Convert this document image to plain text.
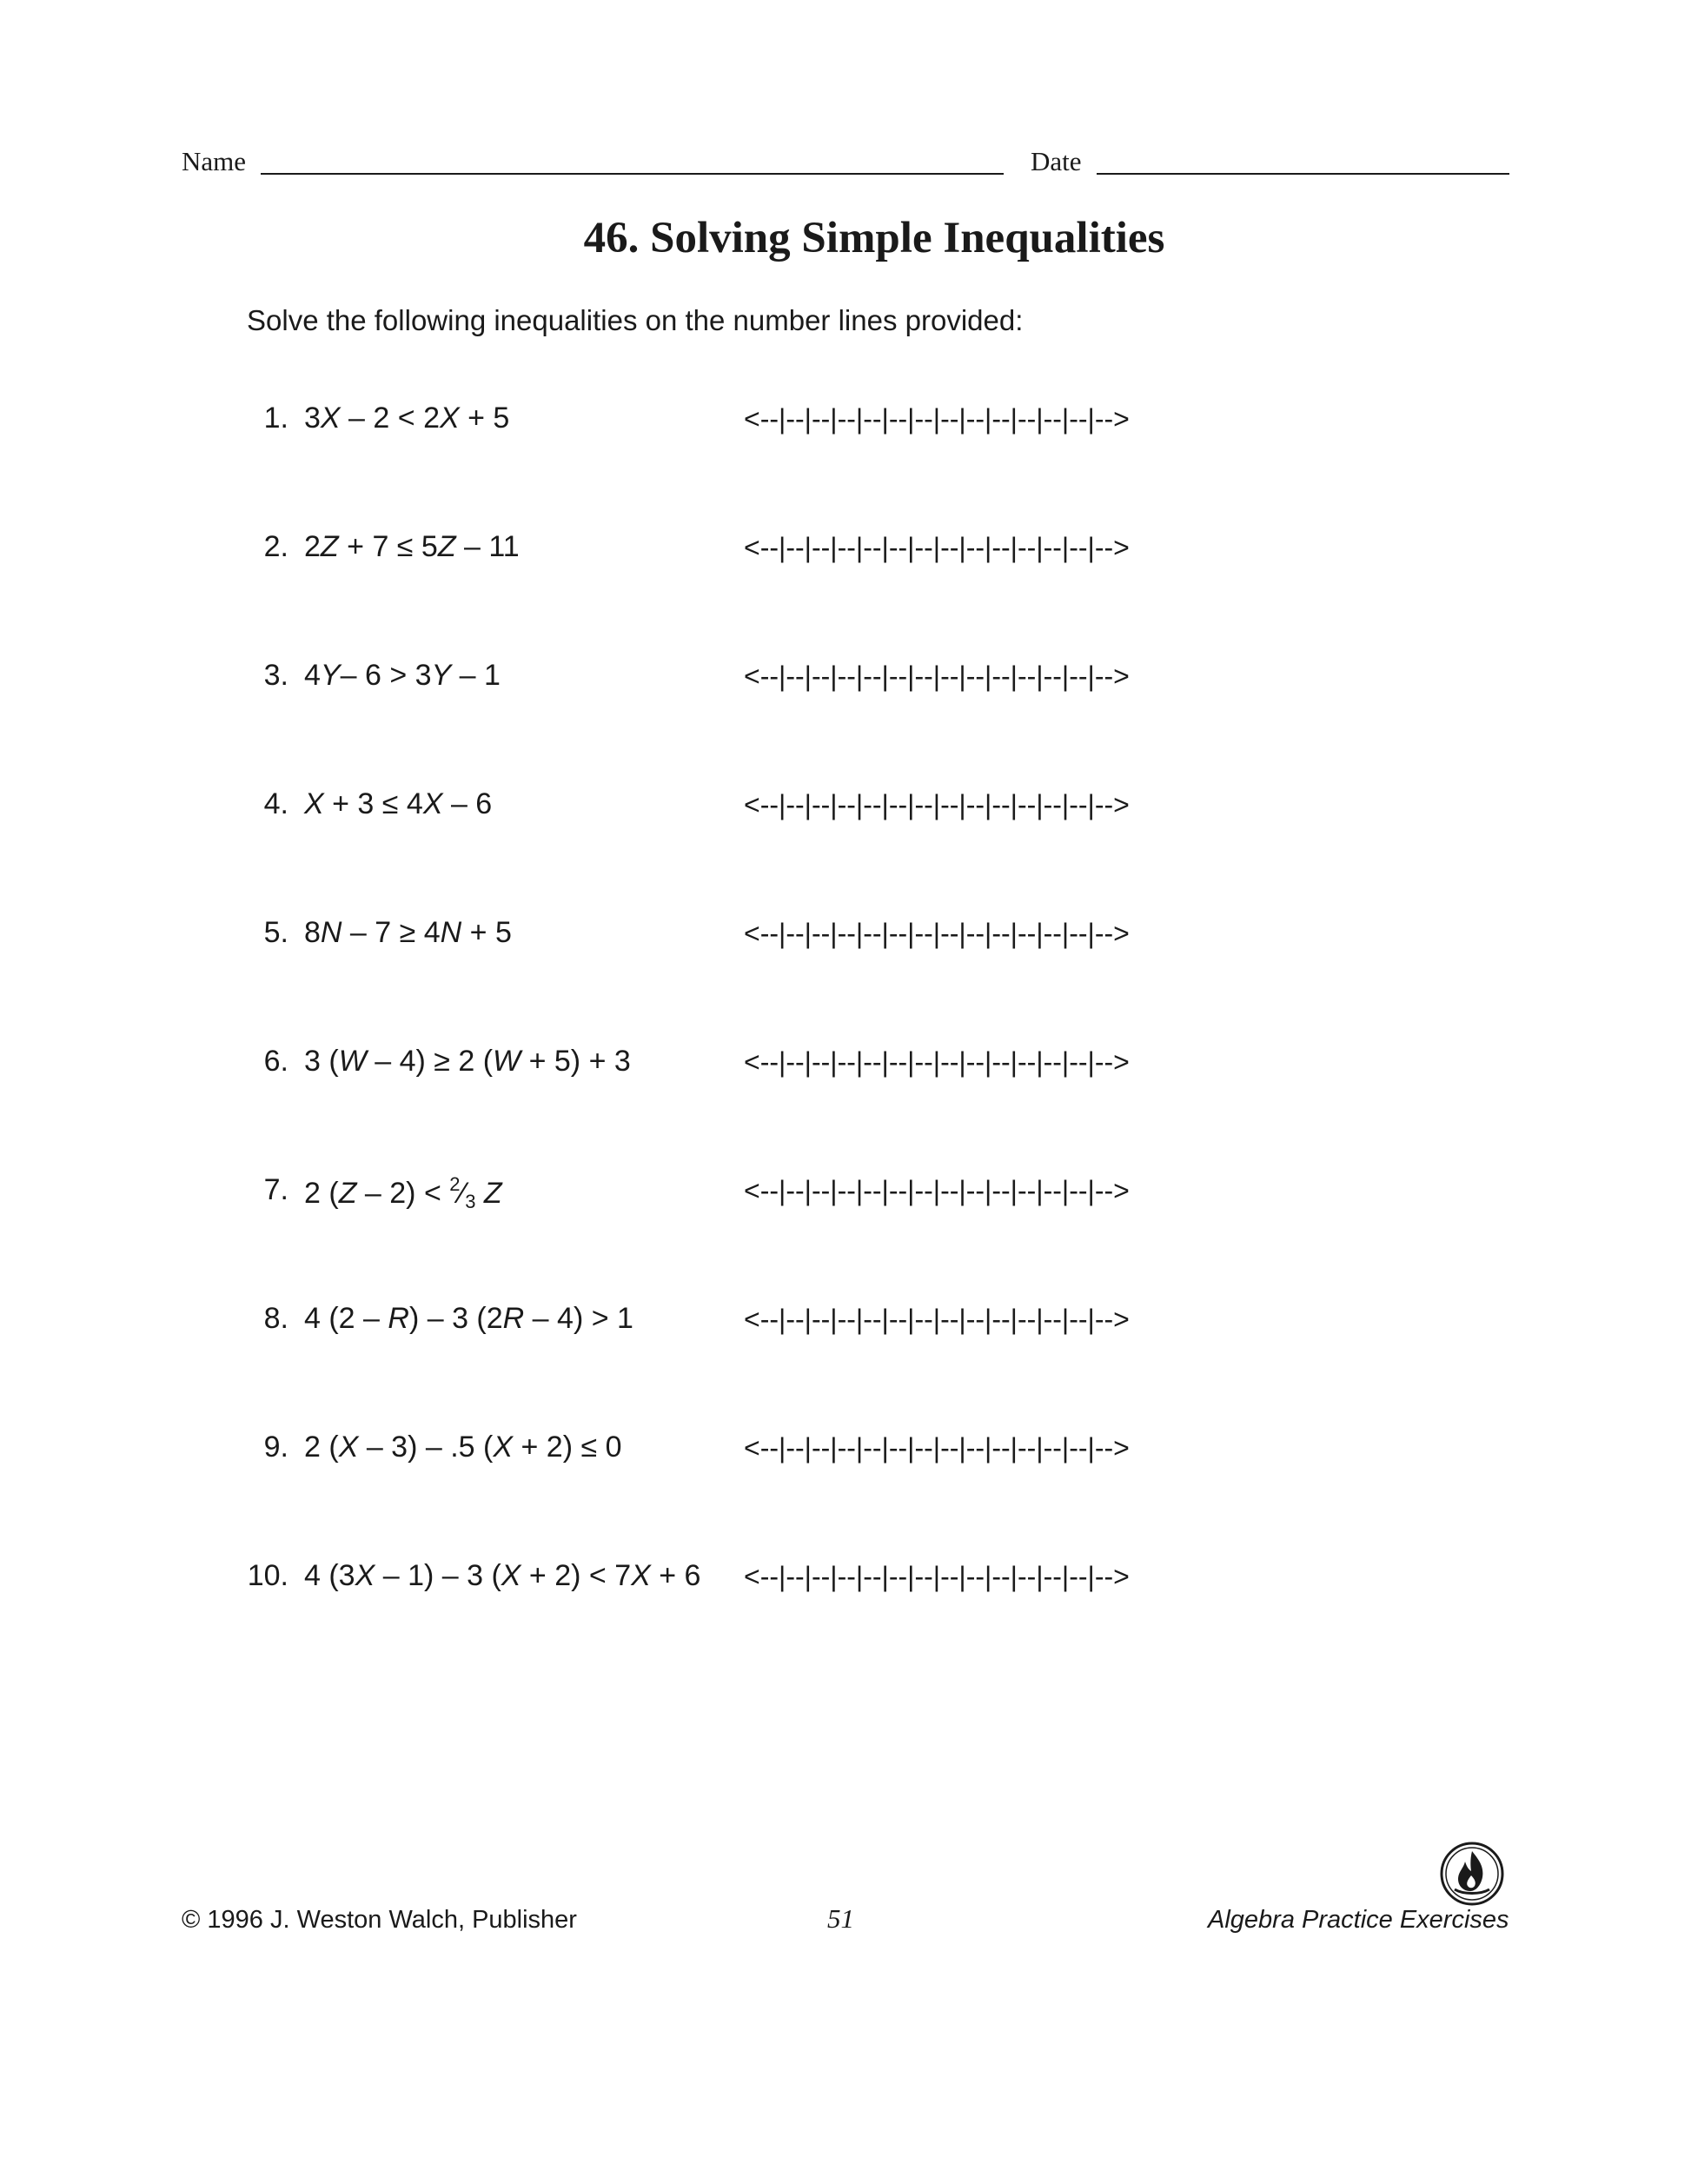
Name	Date
46. Solving Simple Inequalities
Solve the following inequalities on the number lines provided:
1. 3X – 2 < 2X + 5	<--|--|--|--|--|--|--|--|--|--|--|--|--|-->
2. 2Z + 7 ≤ 5Z – 11	<--|--|--|--|--|--|--|--|--|--|--|--|--|-->
3. 4Y– 6 > 3Y – 1	<--|--|--|--|--|--|--|--|--|--|--|--|--|-->
4. X + 3 ≤ 4X – 6	<--|--|--|--|--|--|--|--|--|--|--|--|--|-->
5. 8N – 7 ≥ 4N + 5	<--|--|--|--|--|--|--|--|--|--|--|--|--|-->
6. 3 (W – 4) ≥ 2 (W + 5) + 3	<--|--|--|--|--|--|--|--|--|--|--|--|--|-->
7. 2 $(Z - 2) < ^2⁄_3$ Z	<--|--|--|--|--|--|--|--|--|--|--|--|--|-->
8. 4 (2 – R) – 3 (2R – 4) > 1	<--|--|--|--|--|--|--|--|--|--|--|--|--|-->
9. 2 (X – 3) – .5 (X + 2) ≤ 0	<--|--|--|--|--|--|--|--|--|--|--|--|--|-->
10. 4 (3X – 1) – 3 (X + 2) < 7X + 6 <--|--|--|--|--|--|--|--|--|--|--|--|--|-->
© 1996 J. Weston Walch, Publisher	51	Algebra Practice Exercises
